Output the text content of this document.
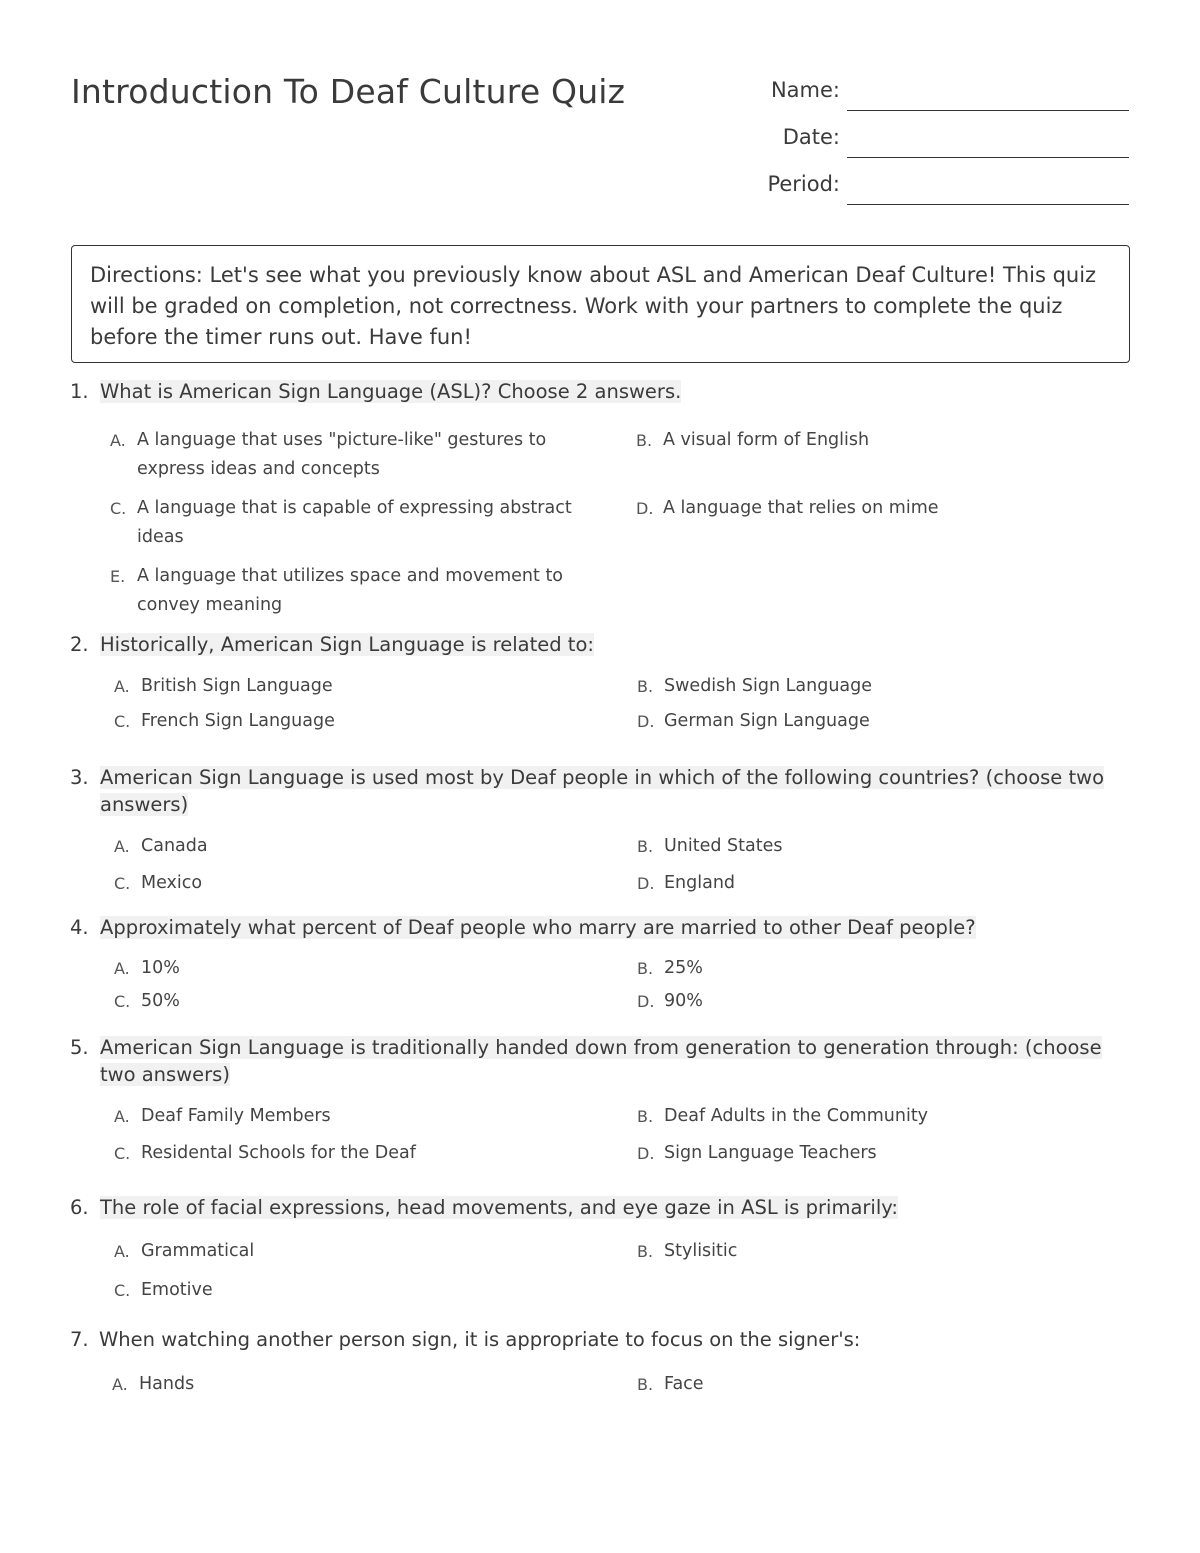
Introduction To Deaf Culture Quiz	Name:
Date:
Period:
Directions: Let's see what you previously know about ASL and American Deaf Culture! This quiz will be graded on completion, not correctness. Work with your partners to complete the quiz before the timer runs out. Have fun!
1. What is American Sign Language (ASL)? Choose 2 answers.
A. A language that uses "picture-like" gestures to express ideas and concepts
B. A visual form of English
C. A language that is capable of expressing abstract ideas
D. A language that relies on mime
E. A language that utilizes space and movement to convey meaning
2. Historically, American Sign Language is related to:
A. British Sign Language	B. Swedish Sign Language
C. French Sign Language	D. German Sign Language
3. American Sign Language is used most by Deaf people in which of the following countries? (choose two answers)
A. Canada	B. United States
C. Mexico	D. England
4. Approximately what percent of Deaf people who marry are married to other Deaf people?
A. 10%	B. 25%
C. 50%	D. 90%
5. American Sign Language is traditionally handed down from generation to generation through: (choose two answers)
A. Deaf Family Members	B. Deaf Adults in the Community
C. Residental Schools for the Deaf	D. Sign Language Teachers
6. The role of facial expressions, head movements, and eye gaze in ASL is primarily:
A. Grammatical	B. Stylisitic
C. Emotive
7. When watching another person sign, it is appropriate to focus on the signer's:
A. Hands	B. Face
